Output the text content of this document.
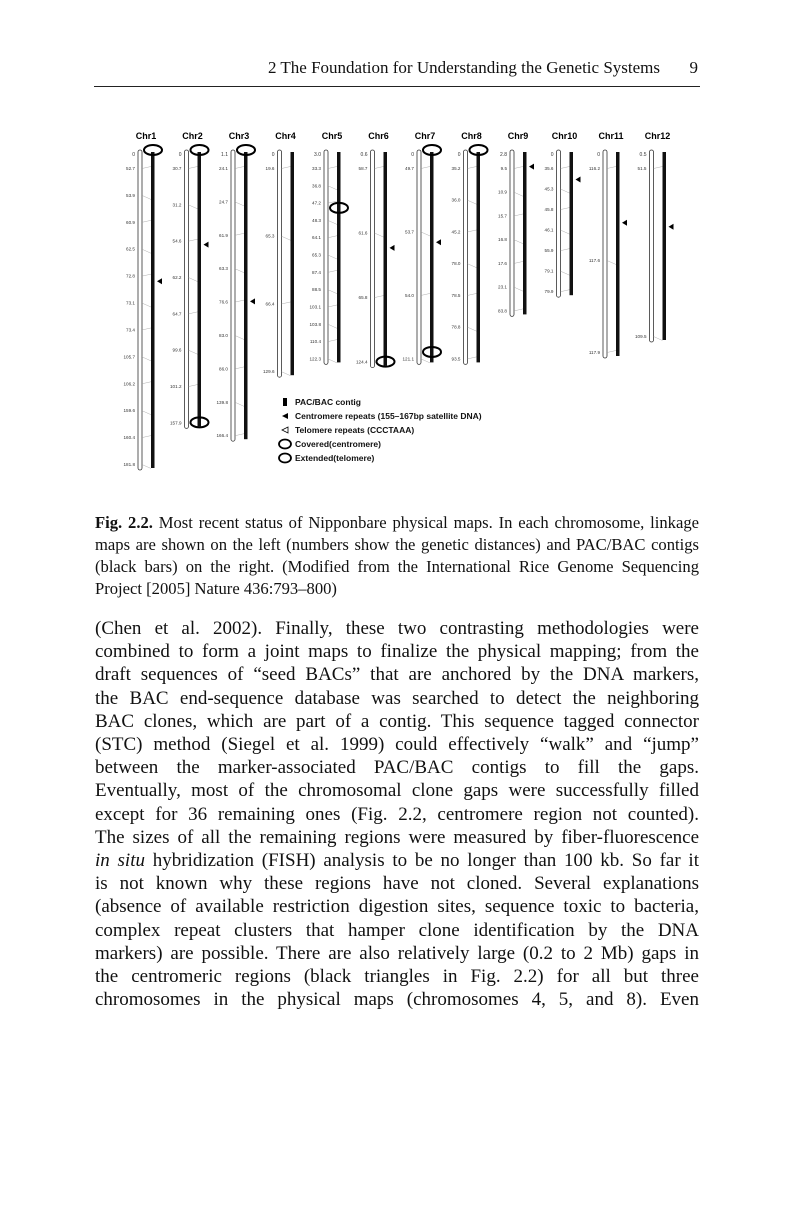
2 The Foundation for Understanding the Genetic Systems 9
Chr1
0
52.7
53.9
60.9
62.5
72.8
73.1
73.4
105.7
106.2
159.6
160.4
181.8
Chr2
0
30.7
31.2
54.6
62.2
64.7
99.6
101.2
157.9
Chr3
1.1
24.1
24.7
61.9
63.3
76.6
83.0
86.0
139.8
166.4
Chr4
0
19.6
65.3
66.4
129.6
Chr5
3.0
33.3
36.8
47.2
48.3
64.1
65.3
87.4
88.5
103.1
103.8
110.4
122.3
Chr6
0.6
58.7
61.6
65.8
124.4
Chr7
0
49.7
53.7
54.0
121.1
Chr8
0
35.2
36.0
45.2
78.0
78.5
78.8
93.5
Chr9
2.8
9.5
10.9
15.7
16.8
17.6
23.1
83.8
Chr10
0
35.6
45.3
45.8
46.1
55.9
79.1
79.9
Chr11
0
116.2
117.6
117.9
Chr12
0.5
51.5
109.5
PAC/BAC contig
Centromere repeats (155–167bp satellite DNA)
Telomere repeats (CCCTAAA)
Covered(centromere)
Extended(telomere)
Fig. 2.2. Most recent status of Nipponbare physical maps. In each chromosome, linkage maps are shown on the left (numbers show the genetic distances) and PAC/BAC contigs (black bars) on the right. (Modified from the International Rice Genome Sequencing Project [2005] Nature 436:793–800)
(Chen et al. 2002). Finally, these two contrasting methodologies were
combined to form a joint maps to finalize the physical mapping; from the
draft sequences of “seed BACs” that are anchored by the DNA markers,
the BAC end-sequence database was searched to detect the neighboring
BAC clones, which are part of a contig. This sequence tagged connector
(STC) method (Siegel et al. 1999) could effectively “walk” and “jump”
between the marker-associated PAC/BAC contigs to fill the gaps.
Eventually, most of the chromosomal clone gaps were successfully filled
except for 36 remaining ones (Fig. 2.2, centromere region not counted).
The sizes of all the remaining regions were measured by fiber-fluorescence
in situ hybridization (FISH) analysis to be no longer than 100 kb. So far it
is not known why these regions have not cloned. Several explanations
(absence of available restriction digestion sites, sequence toxic to bacteria,
complex repeat clusters that hamper clone identification by the DNA
markers) are possible. There are also relatively large (0.2 to 2 Mb) gaps in
the centromeric regions (black triangles in Fig. 2.2) for all but three
chromosomes in the physical maps (chromosomes 4, 5, and 8). Even
